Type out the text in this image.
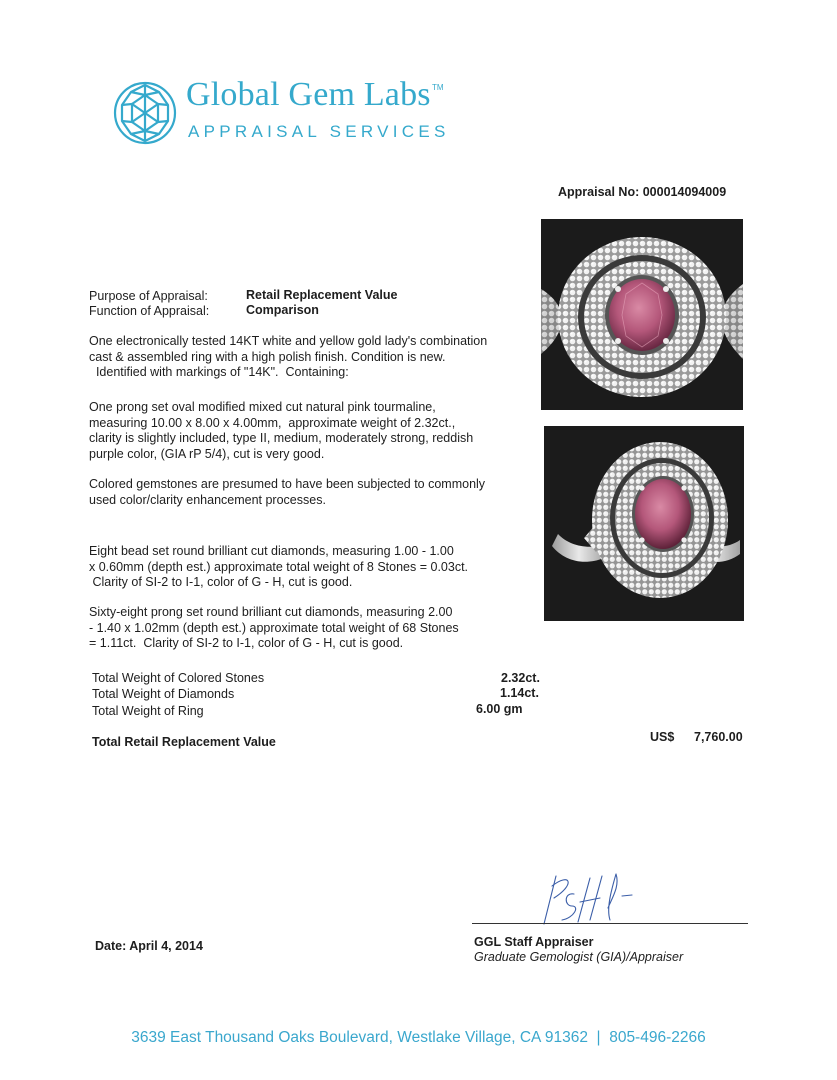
Global Gem Labs TM
APPRAISAL SERVICES
Appraisal No: 000014094009
Purpose of Appraisal:	Retail Replacement Value
Function of Appraisal:	Comparison
One electronically tested 14KT white and yellow gold lady's combination
cast & assembled ring with a high polish finish. Condition is new.
Identified with markings of "14K".  Containing:
One prong set oval modified mixed cut natural pink tourmaline,
measuring 10.00 x 8.00 x 4.00mm,  approximate weight of 2.32ct.,
clarity is slightly included, type II, medium, moderately strong, reddish
purple color, (GIA rP 5/4), cut is very good.
Colored gemstones are presumed to have been subjected to commonly
used color/clarity enhancement processes.
Eight bead set round brilliant cut diamonds, measuring 1.00 - 1.00
x 0.60mm (depth est.) approximate total weight of 8 Stones = 0.03ct.
Clarity of SI-2 to I-1, color of G - H, cut is good.
Sixty-eight prong set round brilliant cut diamonds, measuring 2.00
- 1.40 x 1.02mm (depth est.) approximate total weight of 68 Stones
= 1.11ct.  Clarity of SI-2 to I-1, color of G - H, cut is good.
Total Weight of Colored Stones	2.32ct.
Total Weight of Diamonds	1.14ct.
Total Weight of Ring	6.00 gm
Total Retail Replacement Value	US$ 7,760.00
GGL Staff Appraiser
Graduate Gemologist (GIA)/Appraiser
Date: April 4, 2014
3639 East Thousand Oaks Boulevard, Westlake Village, CA 91362  |  805-496-2266
